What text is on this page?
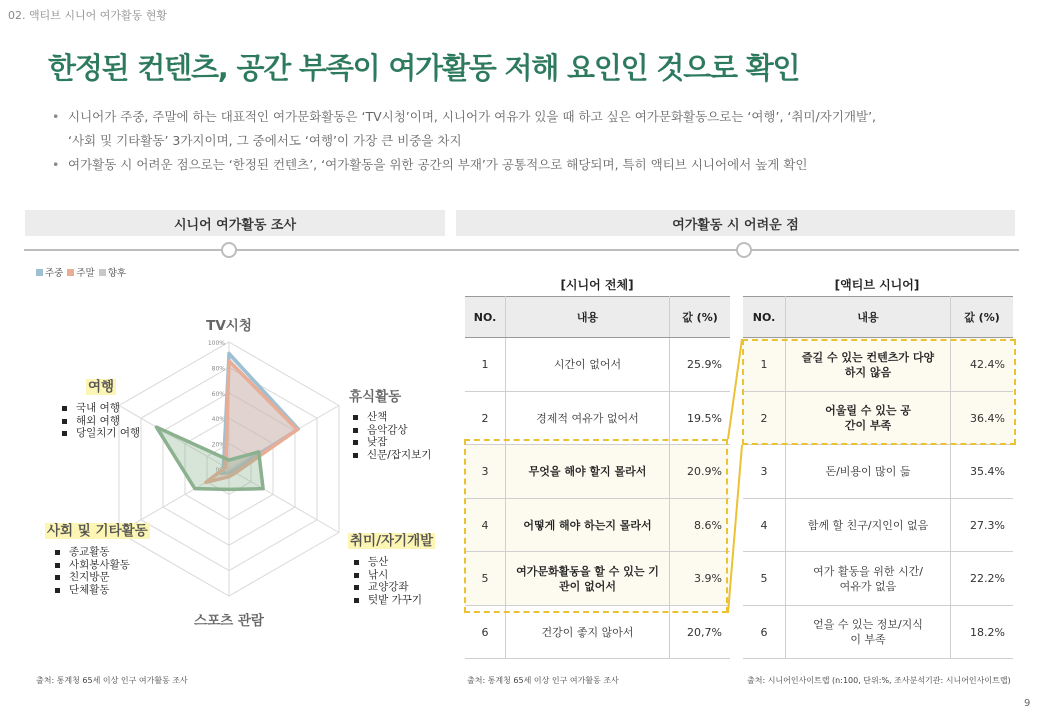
02. 액티브 시니어 여가활동 현황
한정된 컨텐츠, 공간 부족이 여가활동 저해 요인인 것으로 확인
• 시니어가 주중, 주말에 하는 대표적인 여가문화활동은 ‘TV시청’이며, 시니어가 여유가 있을 때 하고 싶은 여가문화활동으로는 ‘여행’, ‘취미/자기개발’,
‘사회 및 기타활동’ 3가지이며, 그 중에서도 ‘여행’이 가장 큰 비중을 차지
• 여가활동 시 어려운 점으로는 ‘한정된 컨텐츠’, ‘여가활동을 위한 공간의 부재’가 공통적으로 해당되며, 특히 액티브 시니어에서 높게 확인
시니어 여가활동 조사	여가활동 시 어려운 점
주중	주말	향후
0%
20%
40%
60%
80%
100%
TV시청
휴식활동
산책
음악감상
낮잠
신문/잡지보기
취미/자기개발
등산
낚시
교양강좌
텃밭 가꾸기
스포츠 관람
사회 및 기타활동
종교활동
사회봉사활동
친지방문
단체활동
여행
국내 여행
해외 여행
당일치기 여행
[시니어 전체]
NO.	내용	값 (%)
1	시간이 없어서	25.9%
2	경제적 여유가 없어서	19.5%
3	무엇을 해야 할지 몰라서	20.9%
4	어떻게 해야 하는지 몰라서	8.6%
5	여가문화활동을 할 수 있는 기관이 없어서	3.9%
6	건강이 좋지 않아서	20,7%
[액티브 시니어]
NO.	내용	값 (%)
1	즐길 수 있는 컨텐츠가 다양하지 않음	42.4%
2	어울릴 수 있는 공간이 부족	36.4%
3	돈/비용이 많이 듦	35.4%
4	함께 할 친구/지인이 없음	27.3%
5	여가 활동을 위한 시간/여유가 없음	22.2%
6	얻을 수 있는 정보/지식이 부족	18.2%
출처: 통계청 65세 이상 인구 여가활동 조사	출처: 통계청 65세 이상 인구 여가활동 조사	출처: 시니어인사이트랩 (n:100, 단위:%, 조사분석기관: 시니어인사이트랩)
9
